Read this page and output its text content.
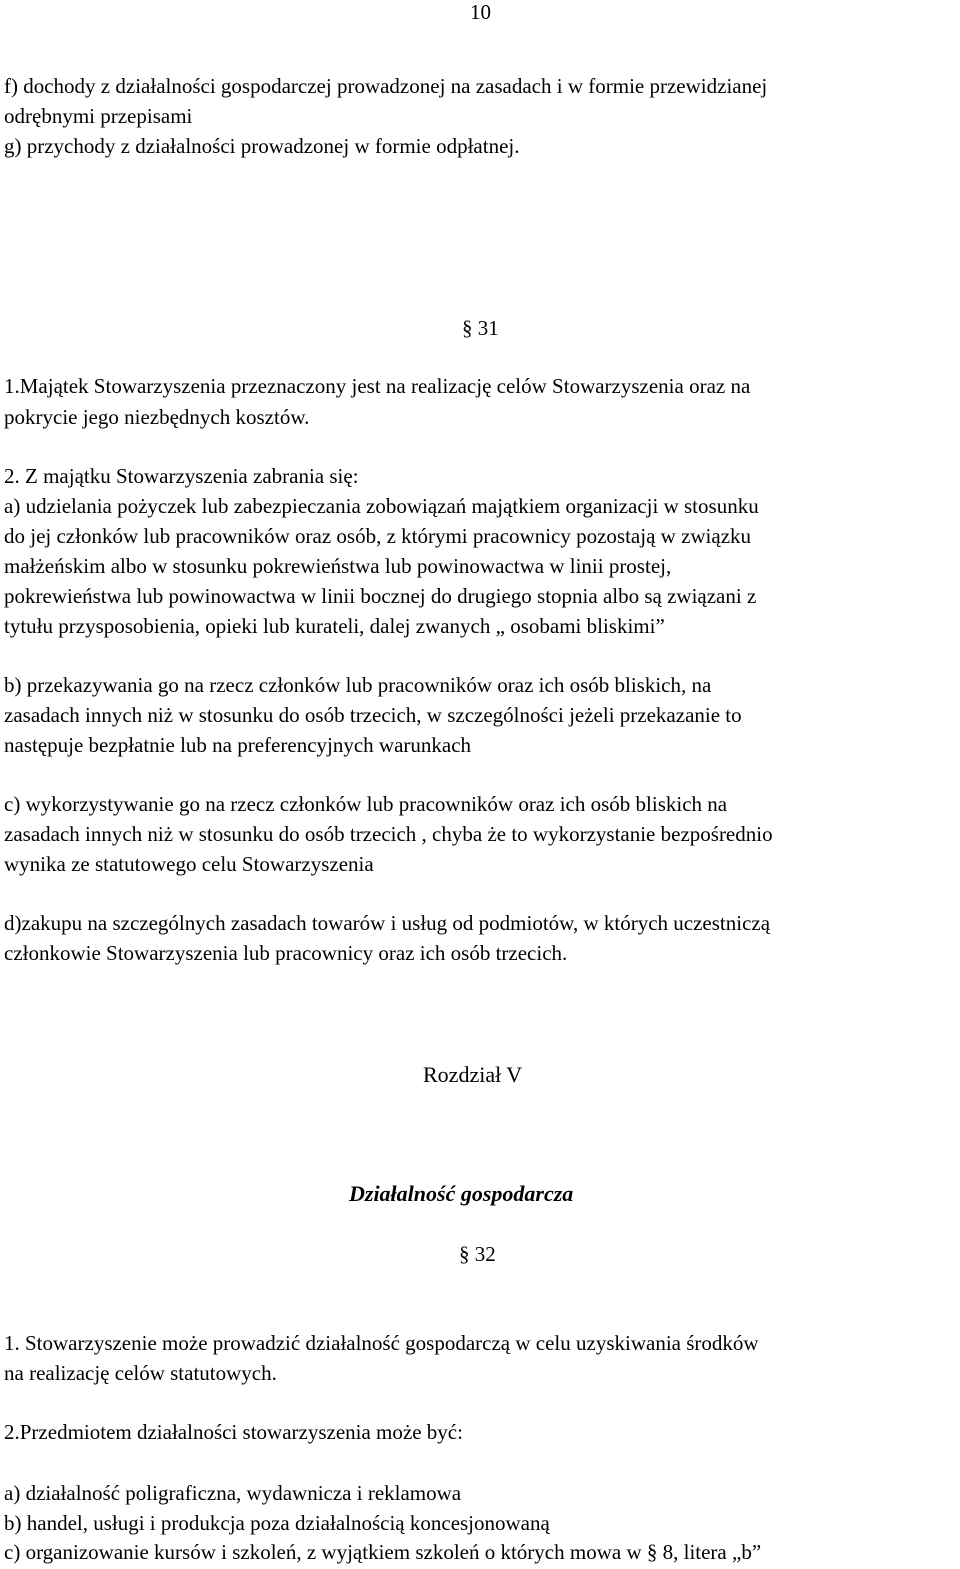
10
f) dochody z działalności gospodarczej prowadzonej na zasadach i w formie przewidzianej
odrębnymi przepisami
g) przychody z działalności prowadzonej w formie odpłatnej.
§ 31
1.Majątek Stowarzyszenia przeznaczony jest na realizację celów Stowarzyszenia oraz na
pokrycie jego niezbędnych kosztów.
2. Z majątku Stowarzyszenia zabrania się:
a) udzielania pożyczek lub zabezpieczania zobowiązań majątkiem organizacji w stosunku
do jej członków lub pracowników oraz osób, z którymi pracownicy pozostają w związku
małżeńskim albo w stosunku pokrewieństwa lub powinowactwa w linii prostej,
pokrewieństwa lub powinowactwa w linii bocznej do drugiego stopnia albo są związani z
tytułu przysposobienia, opieki lub kurateli, dalej zwanych „ osobami bliskimi”
b) przekazywania go na rzecz członków lub pracowników oraz ich osób bliskich, na
zasadach innych niż w stosunku do osób trzecich, w szczególności jeżeli przekazanie to
następuje bezpłatnie lub na preferencyjnych warunkach
c) wykorzystywanie go na rzecz członków lub pracowników oraz ich osób bliskich na
zasadach innych niż w stosunku do osób trzecich , chyba że to wykorzystanie bezpośrednio
wynika ze statutowego celu Stowarzyszenia
d)zakupu na szczególnych zasadach towarów i usług od podmiotów, w których uczestniczą
członkowie Stowarzyszenia lub pracownicy oraz ich osób trzecich.
Rozdział V
Działalność gospodarcza
§ 32
1. Stowarzyszenie może prowadzić działalność gospodarczą w celu uzyskiwania środków
na realizację celów statutowych.
2.Przedmiotem działalności stowarzyszenia może być:
a) działalność poligraficzna, wydawnicza i reklamowa
b) handel, usługi i produkcja poza działalnością koncesjonowaną
c) organizowanie kursów i szkoleń, z wyjątkiem szkoleń o których mowa w § 8, litera „b”
